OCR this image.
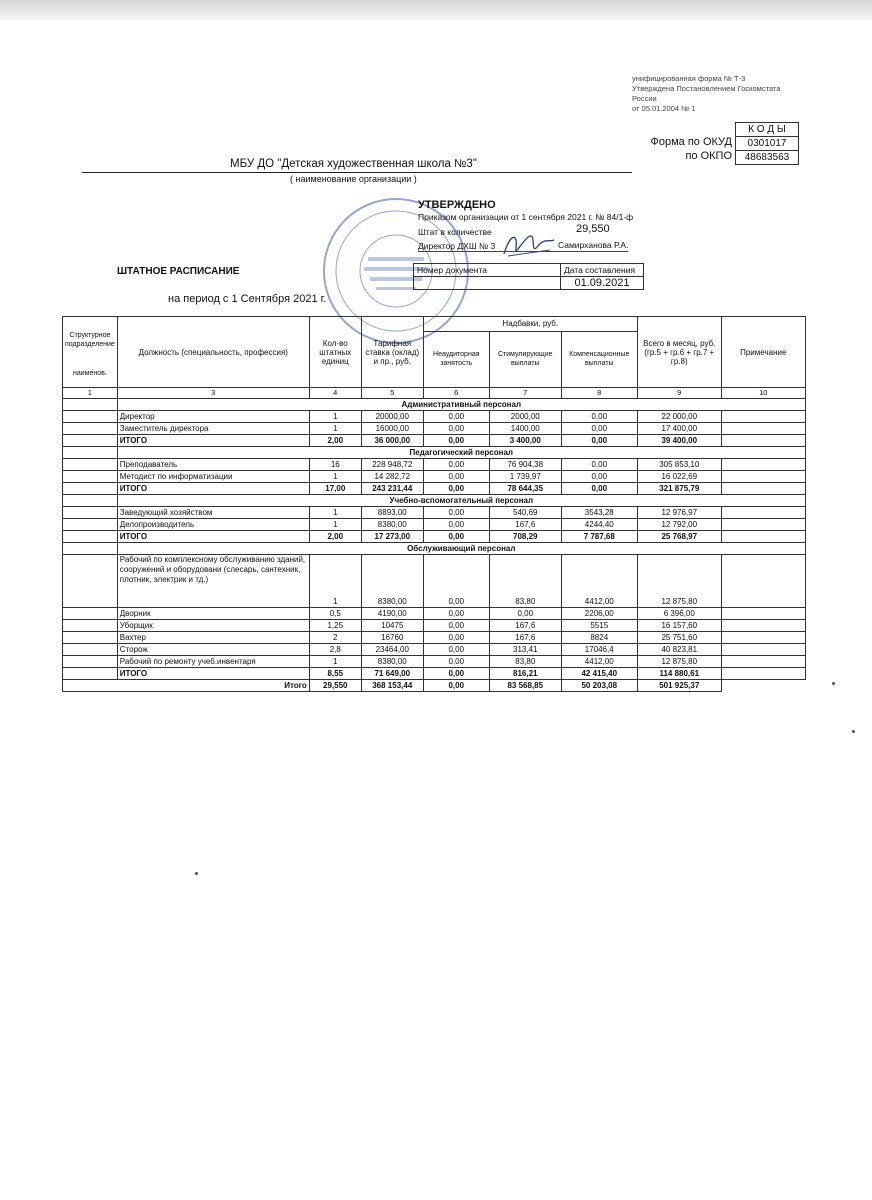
унифицированная форма № Т-3
Утверждена Постановлением Госкомстата
России
от 05.01.2004 № 1
К О Д Ы
0301017
48683563
Форма по ОКУД
по ОКПО
МБУ ДО "Детская художественная школа №3"
( наименование организации )
УТВЕРЖДЕНО
Приказом организации от 1 сентября 2021 г. № 84/1-ф
Штат в количестве	29,550
Директор ДХШ № 3	Самирханова Р.А.
ШТАТНОЕ РАСПИСАНИЕ
на период с 1 Сентября 2021 г.
Номер документа	Дата составления
	01.09.2021
Структурное подразделение
наименов.	Должность (специальность, профессия)	Кол-во штатных единиц	Тарифная ставка (оклад) и пр., руб.	Надбавки, руб.			Всего в месяц, руб. (гр.5 + гр.6 + гр.7 + гр.8)	Примечание
				Неаудиторная занятость	Стимулирующие выплаты	Компенсационные выплаты		
1	3	4	5	6	7	8	9	10
	Административный персонал							
	Директор	1	20000,00	0,00	2000,00	0,00	22 000,00	
	Заместитель директора	1	16000,00	0,00	1400,00	0,00	17 400,00	
	ИТОГО	2,00	36 000,00	0,00	3 400,00	0,00	39 400,00	
	Педагогический персонал							
	Преподаватель	16	228 948,72	0,00	76 904,38	0,00	305 853,10	
	Методист по информатизации	1	14 282,72	0,00	1 739,97	0,00	16 022,69	
	ИТОГО	17,00	243 231,44	0,00	78 644,35	0,00	321 875,79	
	Учебно-вспомогательный персонал							
	Заведующий хозяйством	1	8893,00	0,00	540,69	3543,28	12 976,97	
	Делопроизводитель	1	8380,00	0,00	167,6	4244,40	12 792,00	
	ИТОГО	2,00	17 273,00	0,00	708,29	7 787,68	25 768,97	
	Обслуживающий персонал							
	Рабочий по комплексному обслуживанию зданий, сооружений и оборудовани (слесарь, сантехник, плотник, электрик и тд.)	1	8380,00	0,00	83,80	4412,00	12 875,80	
	Дворник	0,5	4190,00	0,00	0,00	2206,00	6 396,00	
	Уборщик	1,25	10475	0,00	167,6	5515	16 157,60	
	Вахтер	2	16760	0,00	167,6	8824	25 751,60	
	Сторож	2,8	23464,00	0,00	313,41	17046,4	40 823,81	
	Рабочий по ремонту учеб.инвентаря	1	8380,00	0,00	83,80	4412,00	12 875,80	
	ИТОГО	8,55	71 649,00	0,00	816,21	42 415,40	114 880,61	
Итого		29,550	368 153,44	0,00	83 568,85	50 203,08	501 925,37	
